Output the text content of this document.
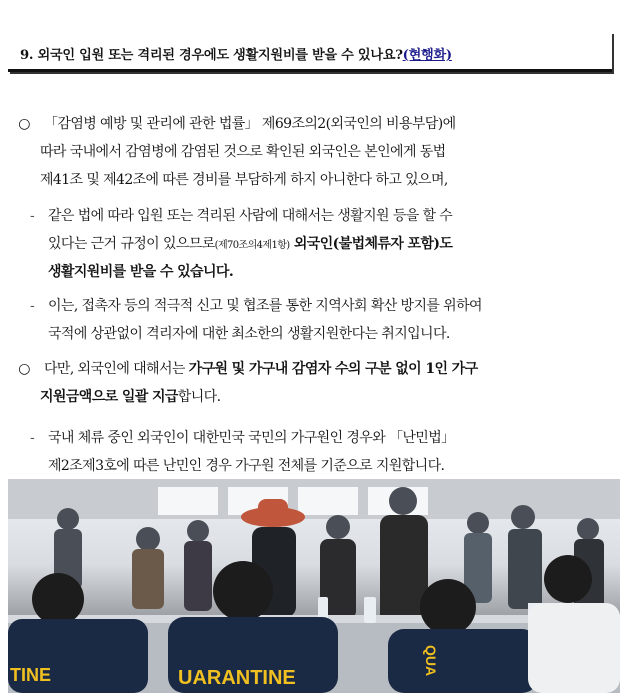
9. 외국인 입원 또는 격리된 경우에도 생활지원비를 받을 수 있나요?(현행화)
○ 「감염병 예방 및 관리에 관한 법률」 제69조의2(외국인의 비용부담)에
따라 국내에서 감염병에 감염된 것으로 확인된 외국인은 본인에게 동법
제41조 및 제42조에 따른 경비를 부담하게 하지 아니한다 하고 있으며,
- 같은 법에 따라 입원 또는 격리된 사람에 대해서는 생활지원 등을 할 수
있다는 근거 규정이 있으므로(제70조의4제1항) 외국인(불법체류자 포함)도
생활지원비를 받을 수 있습니다.
- 이는, 접촉자 등의 적극적 신고 및 협조를 통한 지역사회 확산 방지를 위하여
국적에 상관없이 격리자에 대한 최소한의 생활지원한다는 취지입니다.
○ 다만, 외국인에 대해서는 가구원 및 가구내 감염자 수의 구분 없이 1인 가구
지원금액으로 일괄 지급합니다.
- 국내 체류 중인 외국인이 대한민국 국민의 가구원인 경우와 「난민법」
제2조제3호에 따른 난민인 경우 가구원 전체를 기준으로 지원합니다.
TINE	UARANTINE
QUA
